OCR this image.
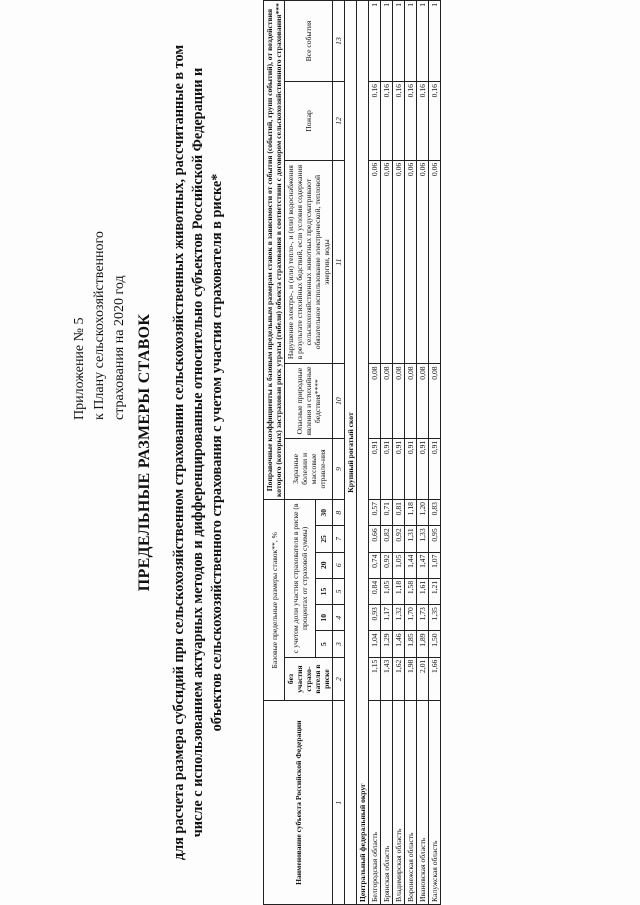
Приложение № 5 к Плану сельскохозяйственного страхования на 2020 год ПРЕДЕЛЬНЫЕ РАЗМЕРЫ СТАВОК для расчета размера субсидий при сельскохозяйственном страховании сельскохозяйственных животных, рассчитанные в том числе с использованием актуарных методов и дифференцированные относительно субъектов Российской Федерации и объектов сельскохозяйственного страхования с учетом участия страхователя в риске*
Наименование субъекта Российской Федерации	Базовые предельные размеры ставок**, %							Поправочные коэффициенты к базовым предельным размерам ставок в зависимости от события (событий, групп событий), от воздействия которого (которых) застрахован риск утраты (гибели) объекта страхования в соответствии с договором сельскохозяйственного страхования***				
	без участия страхо-вателя в риске	с учетом доли участия страхователя в риске (в процентах от страховой суммы)						Заразные болезни и массовые отравле-ния	Опасные природные явления и стихийные бедствия****	Нарушение электро-, и (или) тепло-, и (или) водоснабжения в результате стихийных бедствий, если условия содержания сельскохозяйственных животных предусматривают обязательное использование электрической, тепловой энергии, воды	Пожар	Все события
		5	10	15	20	25	30					
1	2	3	4	5	6	7	8	9	10	11	12	13
Крупный рогатый скот												
Центральный федеральный округ												
Белгородская область	1,15	1,04	0,93	0,84	0,74	0,66	0,57	0,91	0,08	0,06	0,16	1
Брянская область	1,43	1,29	1,17	1,05	0,92	0,82	0,71	0,91	0,08	0,06	0,16	1
Владимирская область	1,62	1,46	1,32	1,18	1,05	0,92	0,81	0,91	0,08	0,06	0,16	1
Воронежская область	1,98	1,85	1,70	1,58	1,44	1,31	1,18	0,91	0,08	0,06	0,16	1
Ивановская область	2,01	1,89	1,73	1,61	1,47	1,33	1,20	0,91	0,08	0,06	0,16	1
Калужская область	1,66	1,50	1,35	1,21	1,07	0,95	0,83	0,91	0,08	0,06	0,16	1
